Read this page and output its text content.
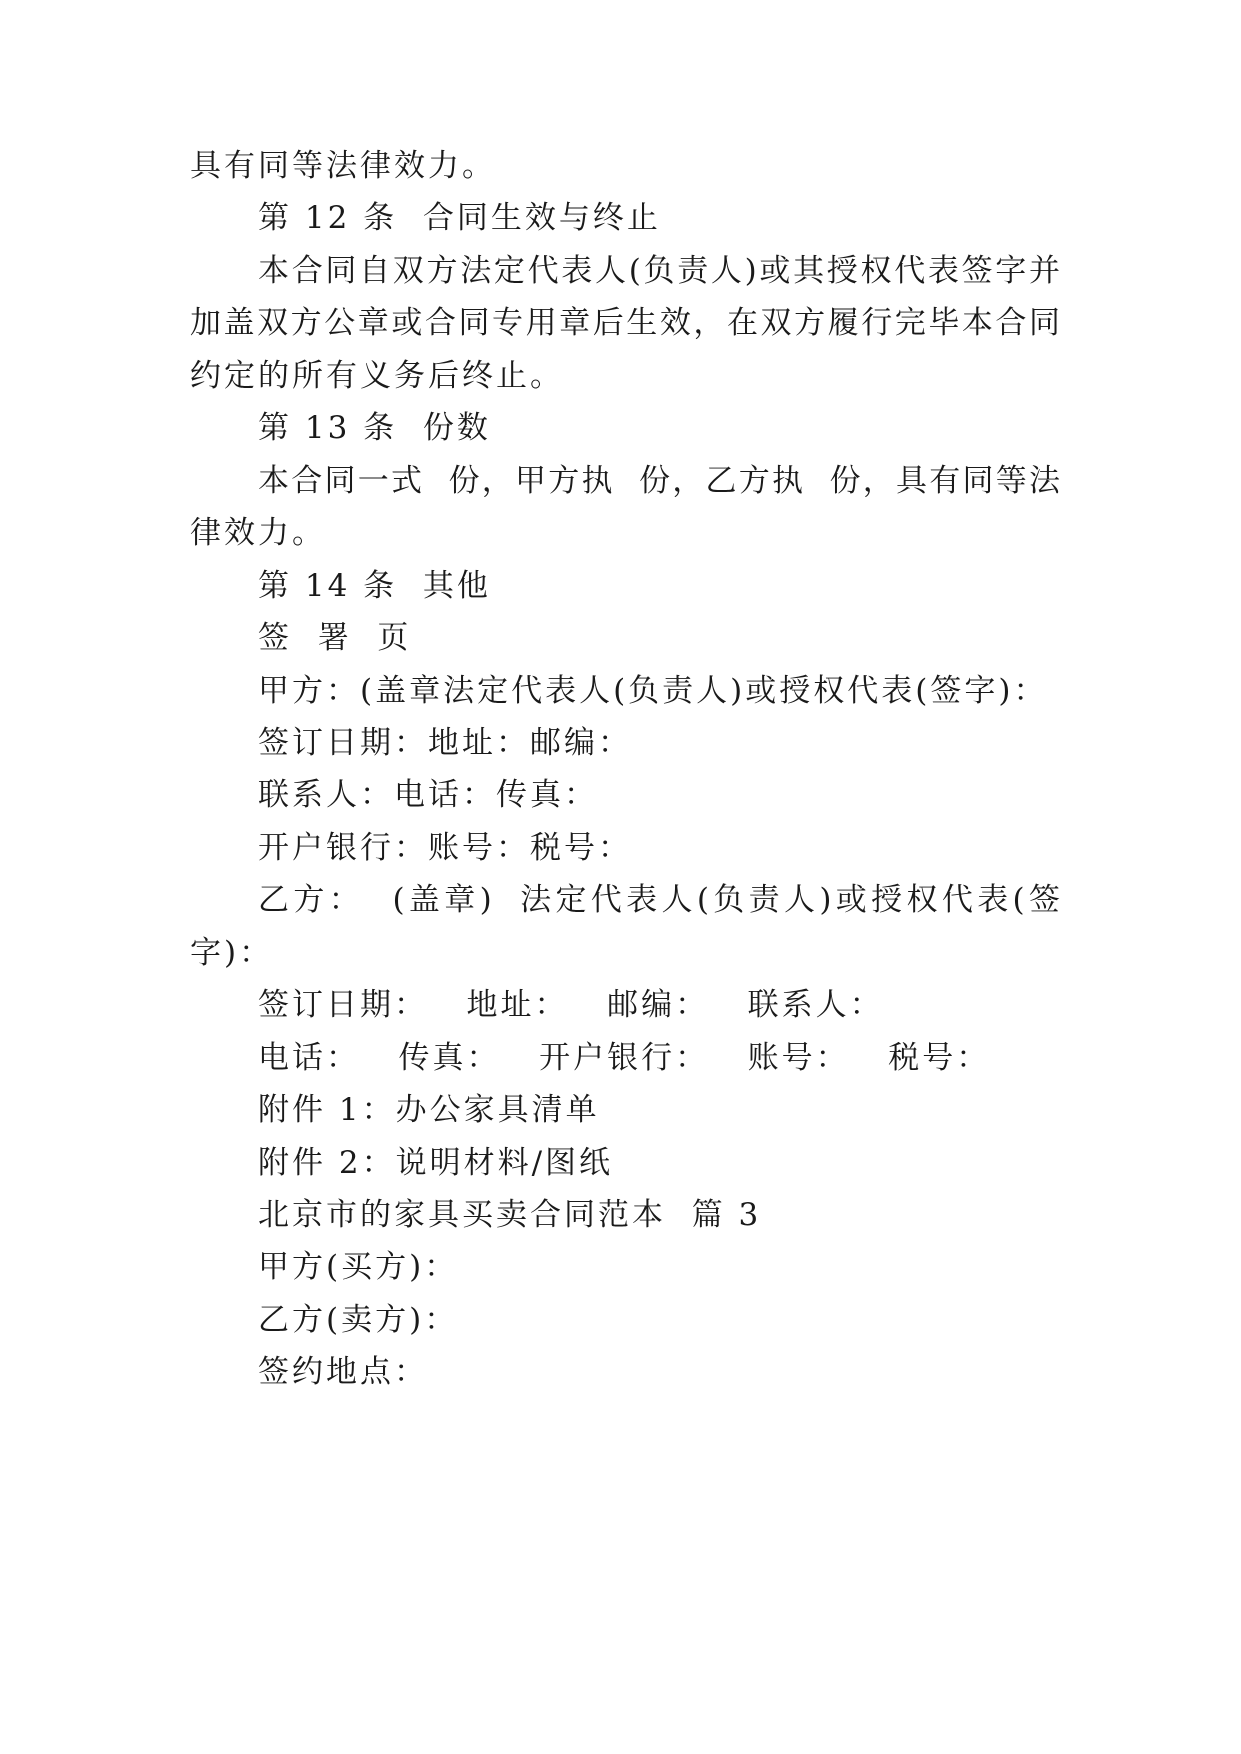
具有同等法律效力。
第 12 条  合同生效与终止
本合同自双方法定代表人(负责人)或其授权代表签字并
加盖双方公章或合同专用章后生效，在双方履行完毕本合同
约定的所有义务后终止。
第 13 条  份数
本合同一式  份，甲方执  份，乙方执  份，具有同等法
律效力。
第 14 条  其他
签  署  页
甲方：(盖章法定代表人(负责人)或授权代表(签字)：
签订日期：地址：邮编：
联系人：电话：传真：
开户银行：账号：税号：
乙方：  (盖章)  法定代表人(负责人)或授权代表(签
字)：
签订日期：   地址：   邮编：   联系人：
电话：   传真：   开户银行：   账号：   税号：
附件 1：办公家具清单
附件 2：说明材料/图纸
北京市的家具买卖合同范本  篇 3
甲方(买方)：
乙方(卖方)：
签约地点：
